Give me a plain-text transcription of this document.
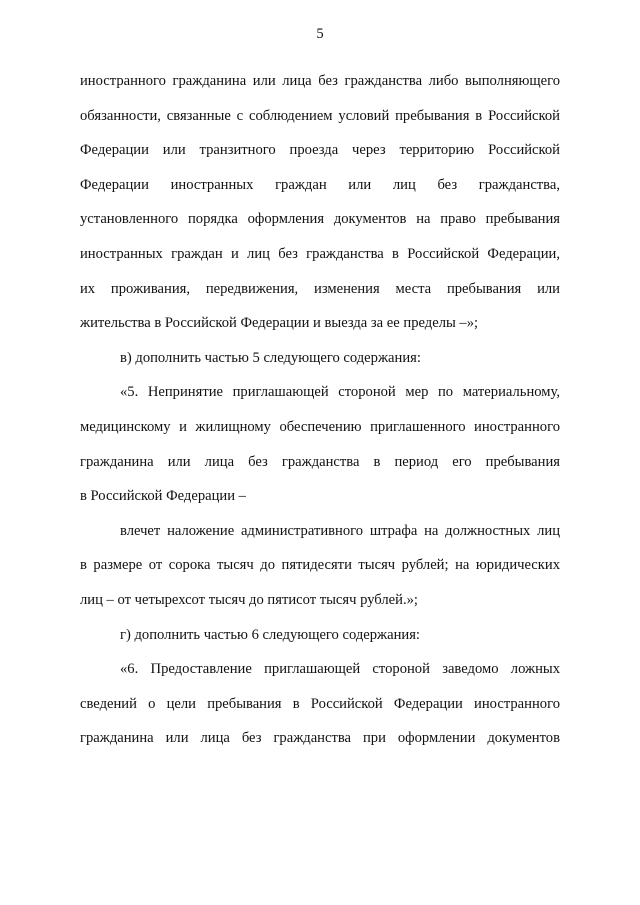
5
иностранного гражданина или лица без гражданства либо выполняющего
обязанности, связанные с соблюдением условий пребывания в Российской
Федерации или транзитного проезда через территорию Российской
Федерации иностранных граждан или лиц без гражданства,
установленного порядка оформления документов на право пребывания
иностранных граждан и лиц без гражданства в Российской Федерации,
их проживания, передвижения, изменения места пребывания или
жительства в Российской Федерации и выезда за ее пределы –»;
в) дополнить частью 5 следующего содержания:
«5. Непринятие приглашающей стороной мер по материальному,
медицинскому и жилищному обеспечению приглашенного иностранного
гражданина или лица без гражданства в период его пребывания
в Российской Федерации –
влечет наложение административного штрафа на должностных лиц
в размере от сорока тысяч до пятидесяти тысяч рублей; на юридических
лиц – от четырехсот тысяч до пятисот тысяч рублей.»;
г) дополнить частью 6 следующего содержания:
«6. Предоставление приглашающей стороной заведомо ложных
сведений о цели пребывания в Российской Федерации иностранного
гражданина или лица без гражданства при оформлении документов
